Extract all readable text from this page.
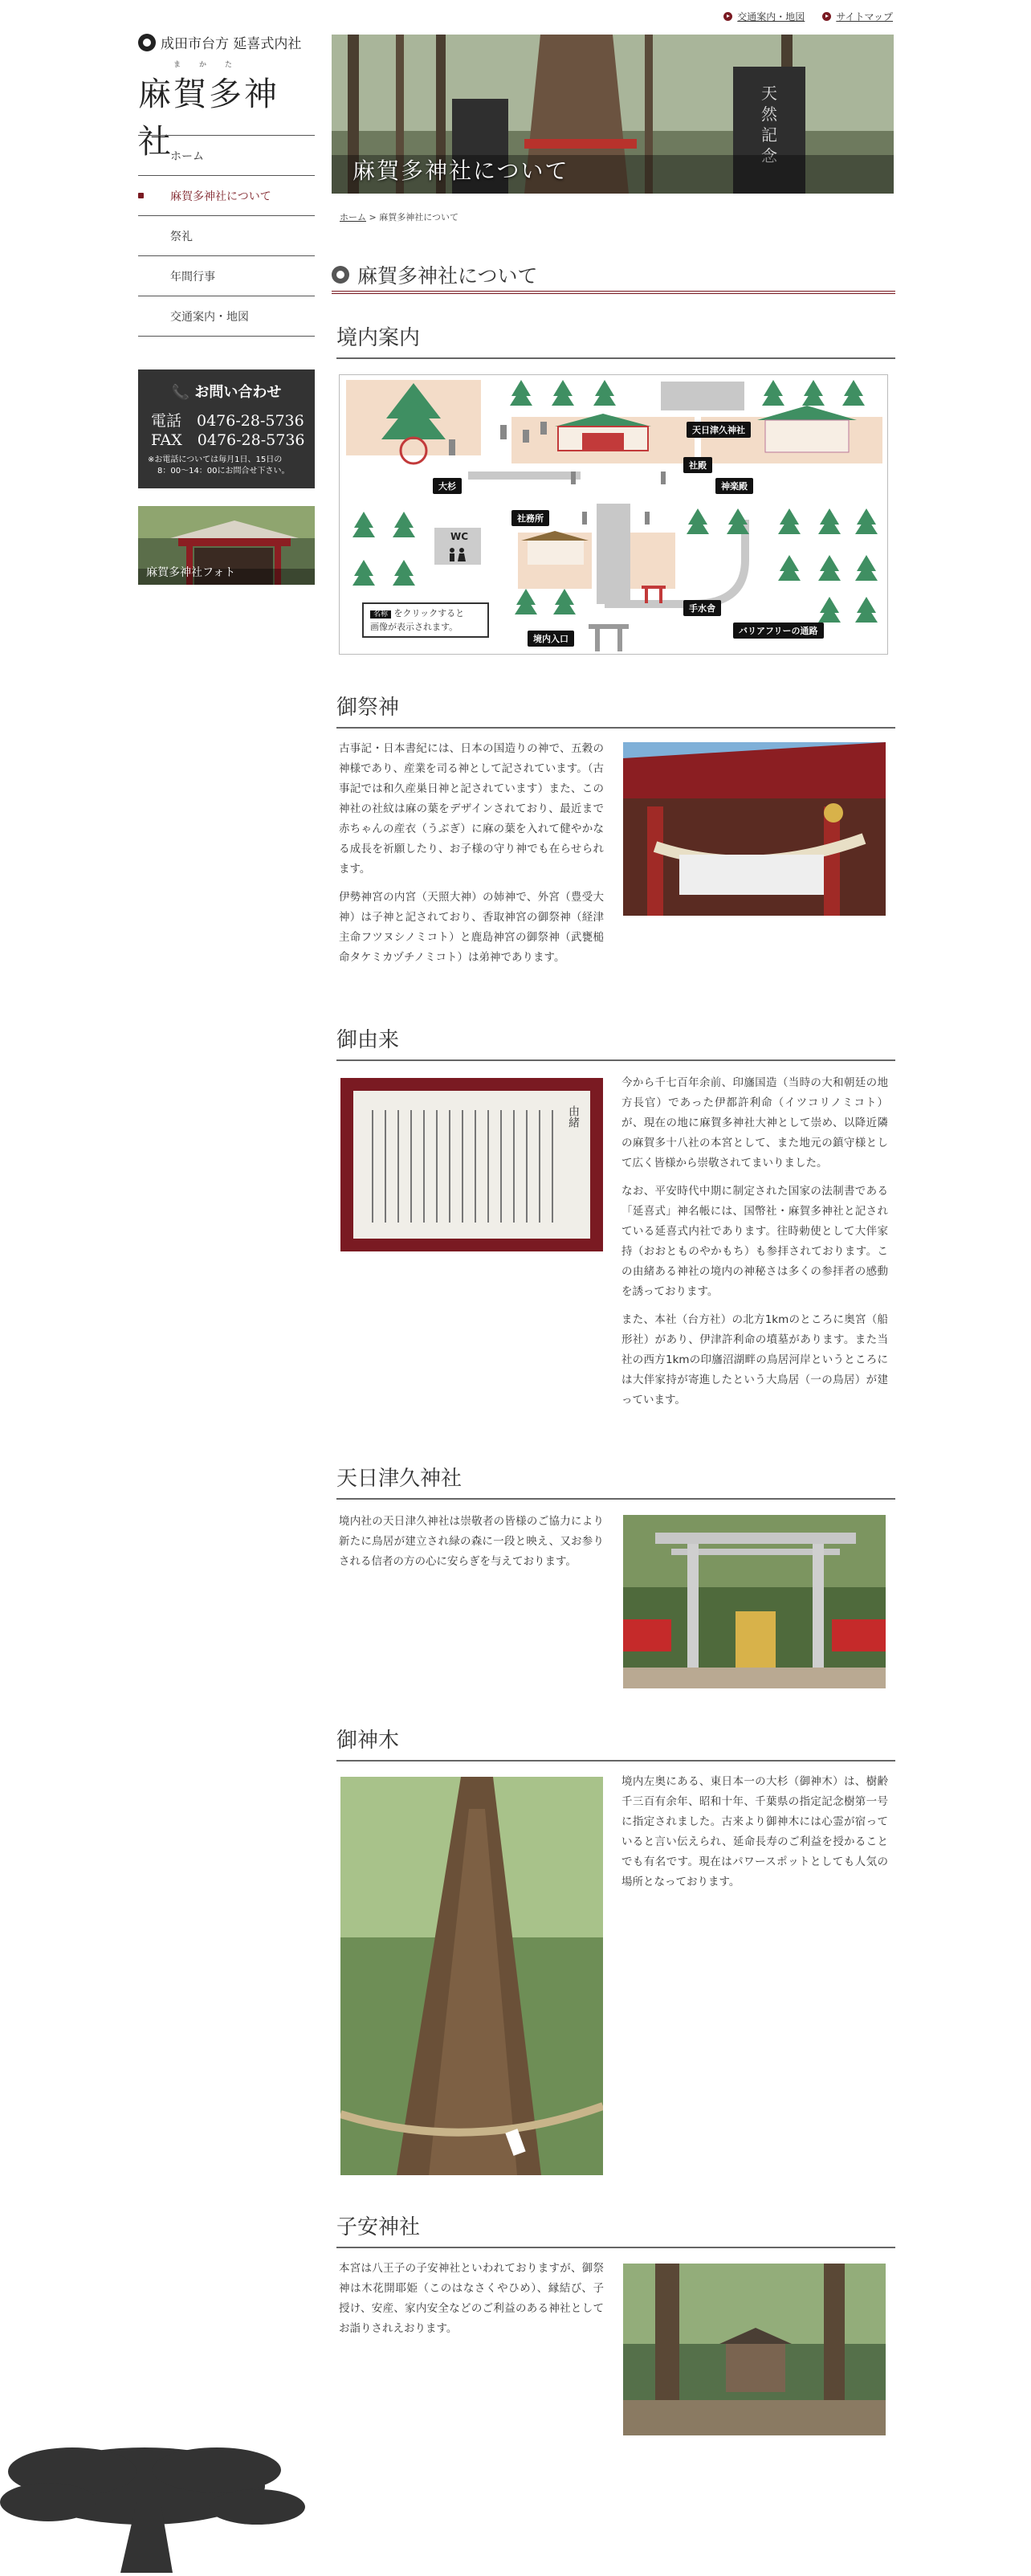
交通案内・地図	サイトマップ
成田市台方 延喜式内社
まかた
麻賀多神社
ホーム
麻賀多神社について
祭礼
年間行事
交通案内・地図
📞 お問い合わせ
電話　0476-28-5736
FAX　0476-28-5736
※お電話については毎月1日、15日の
8：00～14：00にお問合せ下さい。
麻賀多神社フォト
天
然
記
麻賀多神社について
ホーム > 麻賀多神社について
麻賀多神社について
境内案内
天日津久神社
社殿
大杉	神楽殿
社務所
WC
手水舎
境内入口
バリアフリーの通路
名称 をクリックすると
画像が表示されます。
御祭神

古事記・日本書紀には、日本の国造りの神で、五穀の神様であり、産業を司る神として記されています。（古事記では和久産巣日神と記されています）また、この神社の社紋は麻の葉をデザインされており、最近まで赤ちゃんの産衣（うぶぎ）に麻の葉を入れて健やかなる成長を祈願したり、お子様の守り神でも在らせられます。

伊勢神宮の内宮（天照大神）の姉神で、外宮（豊受大神）は子神と記されており、香取神宮の御祭神（経津主命フツヌシノミコト）と鹿島神宮の御祭神（武甕槌命タケミカヅチノミコト）は弟神であります。

御由来
由緒

今から千七百年余前、印旛国造（当時の大和朝廷の地方長官）であった伊都許利命（イツコリノミコト）が、現在の地に麻賀多神社大神として崇め、以降近隣の麻賀多十八社の本宮として、また地元の鎮守様として広く皆様から崇敬されてまいりました。

なお、平安時代中期に制定された国家の法制書である「延喜式」神名帳には、国幣社・麻賀多神社と記されている延喜式内社であります。往時勅使として大伴家持（おおとものやかもち）も参拝されております。この由緒ある神社の境内の神秘さは多くの参拝者の感動を誘っております。

また、本社（台方社）の北方1kmのところに奥宮（船形社）があり、伊津許利命の墳墓があります。また当社の西方1kmの印旛沼湖畔の鳥居河岸というところには大伴家持が寄進したという大鳥居（一の鳥居）が建っています。

天日津久神社

境内社の天日津久神社は崇敬者の皆様のご協力により新たに鳥居が建立され緑の森に一段と映え、又お参りされる信者の方の心に安らぎを与えております。

御神木

境内左奥にある、東日本一の大杉（御神木）は、樹齢千三百有余年、昭和十年、千葉県の指定記念樹第一号に指定されました。古来より御神木には心霊が宿っていると言い伝えられ、延命長寿のご利益を授かることでも有名です。現在はパワースポットとしても人気の場所となっております。

子安神社

本宮は八王子の子安神社といわれておりますが、御祭神は木花開耶姫（このはなさくやひめ）、縁結び、子授け、安産、家内安全などのご利益のある神社としてお詣りされえおります。
